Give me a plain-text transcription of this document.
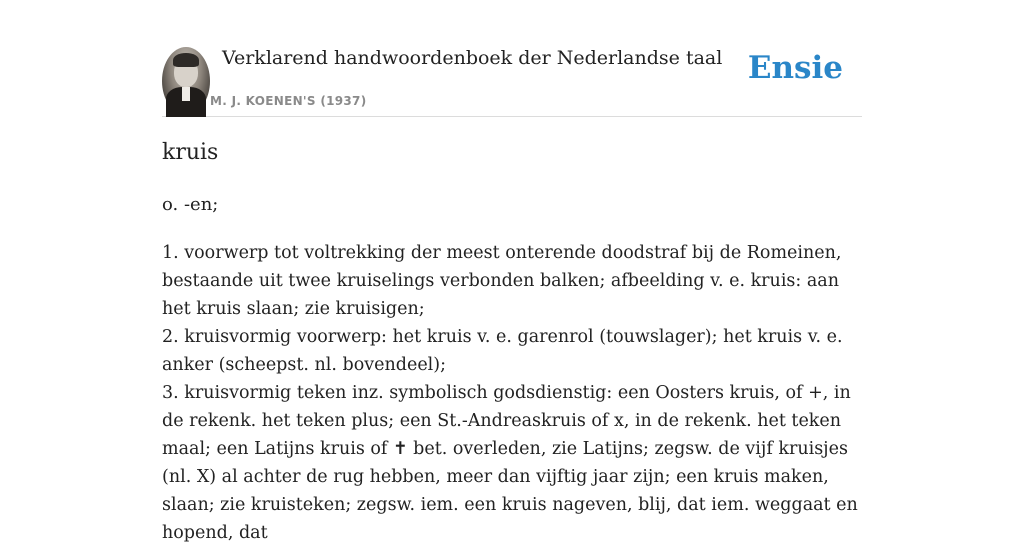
Verklarend handwoordenboek der Nederlandse taal
M. J. KOENEN'S (1937)
Ensie
kruis

o. -en;

1. voorwerp tot voltrekking der meest onterende doodstraf bij de Romeinen, bestaande uit twee kruiselings verbonden balken; afbeelding v. e. kruis: aan het kruis slaan; zie kruisigen;

2. kruisvormig voorwerp: het kruis v. e. garenrol (touwslager); het kruis v. e. anker (scheepst. nl. bovendeel);

3. kruisvormig teken inz. symbolisch godsdienstig: een Oosters kruis, of +, in de rekenk. het teken plus; een St.-Andreaskruis of x, in de rekenk. het teken maal; een Latijns kruis of ✝ bet. overleden, zie Latijns; zegsw. de vijf kruisjes (nl. X) al achter de rug hebben, meer dan vijftig jaar zijn; een kruis maken, slaan; zie kruisteken; zegsw. iem. een kruis nageven, blij, dat iem. weggaat en hopend, dat
